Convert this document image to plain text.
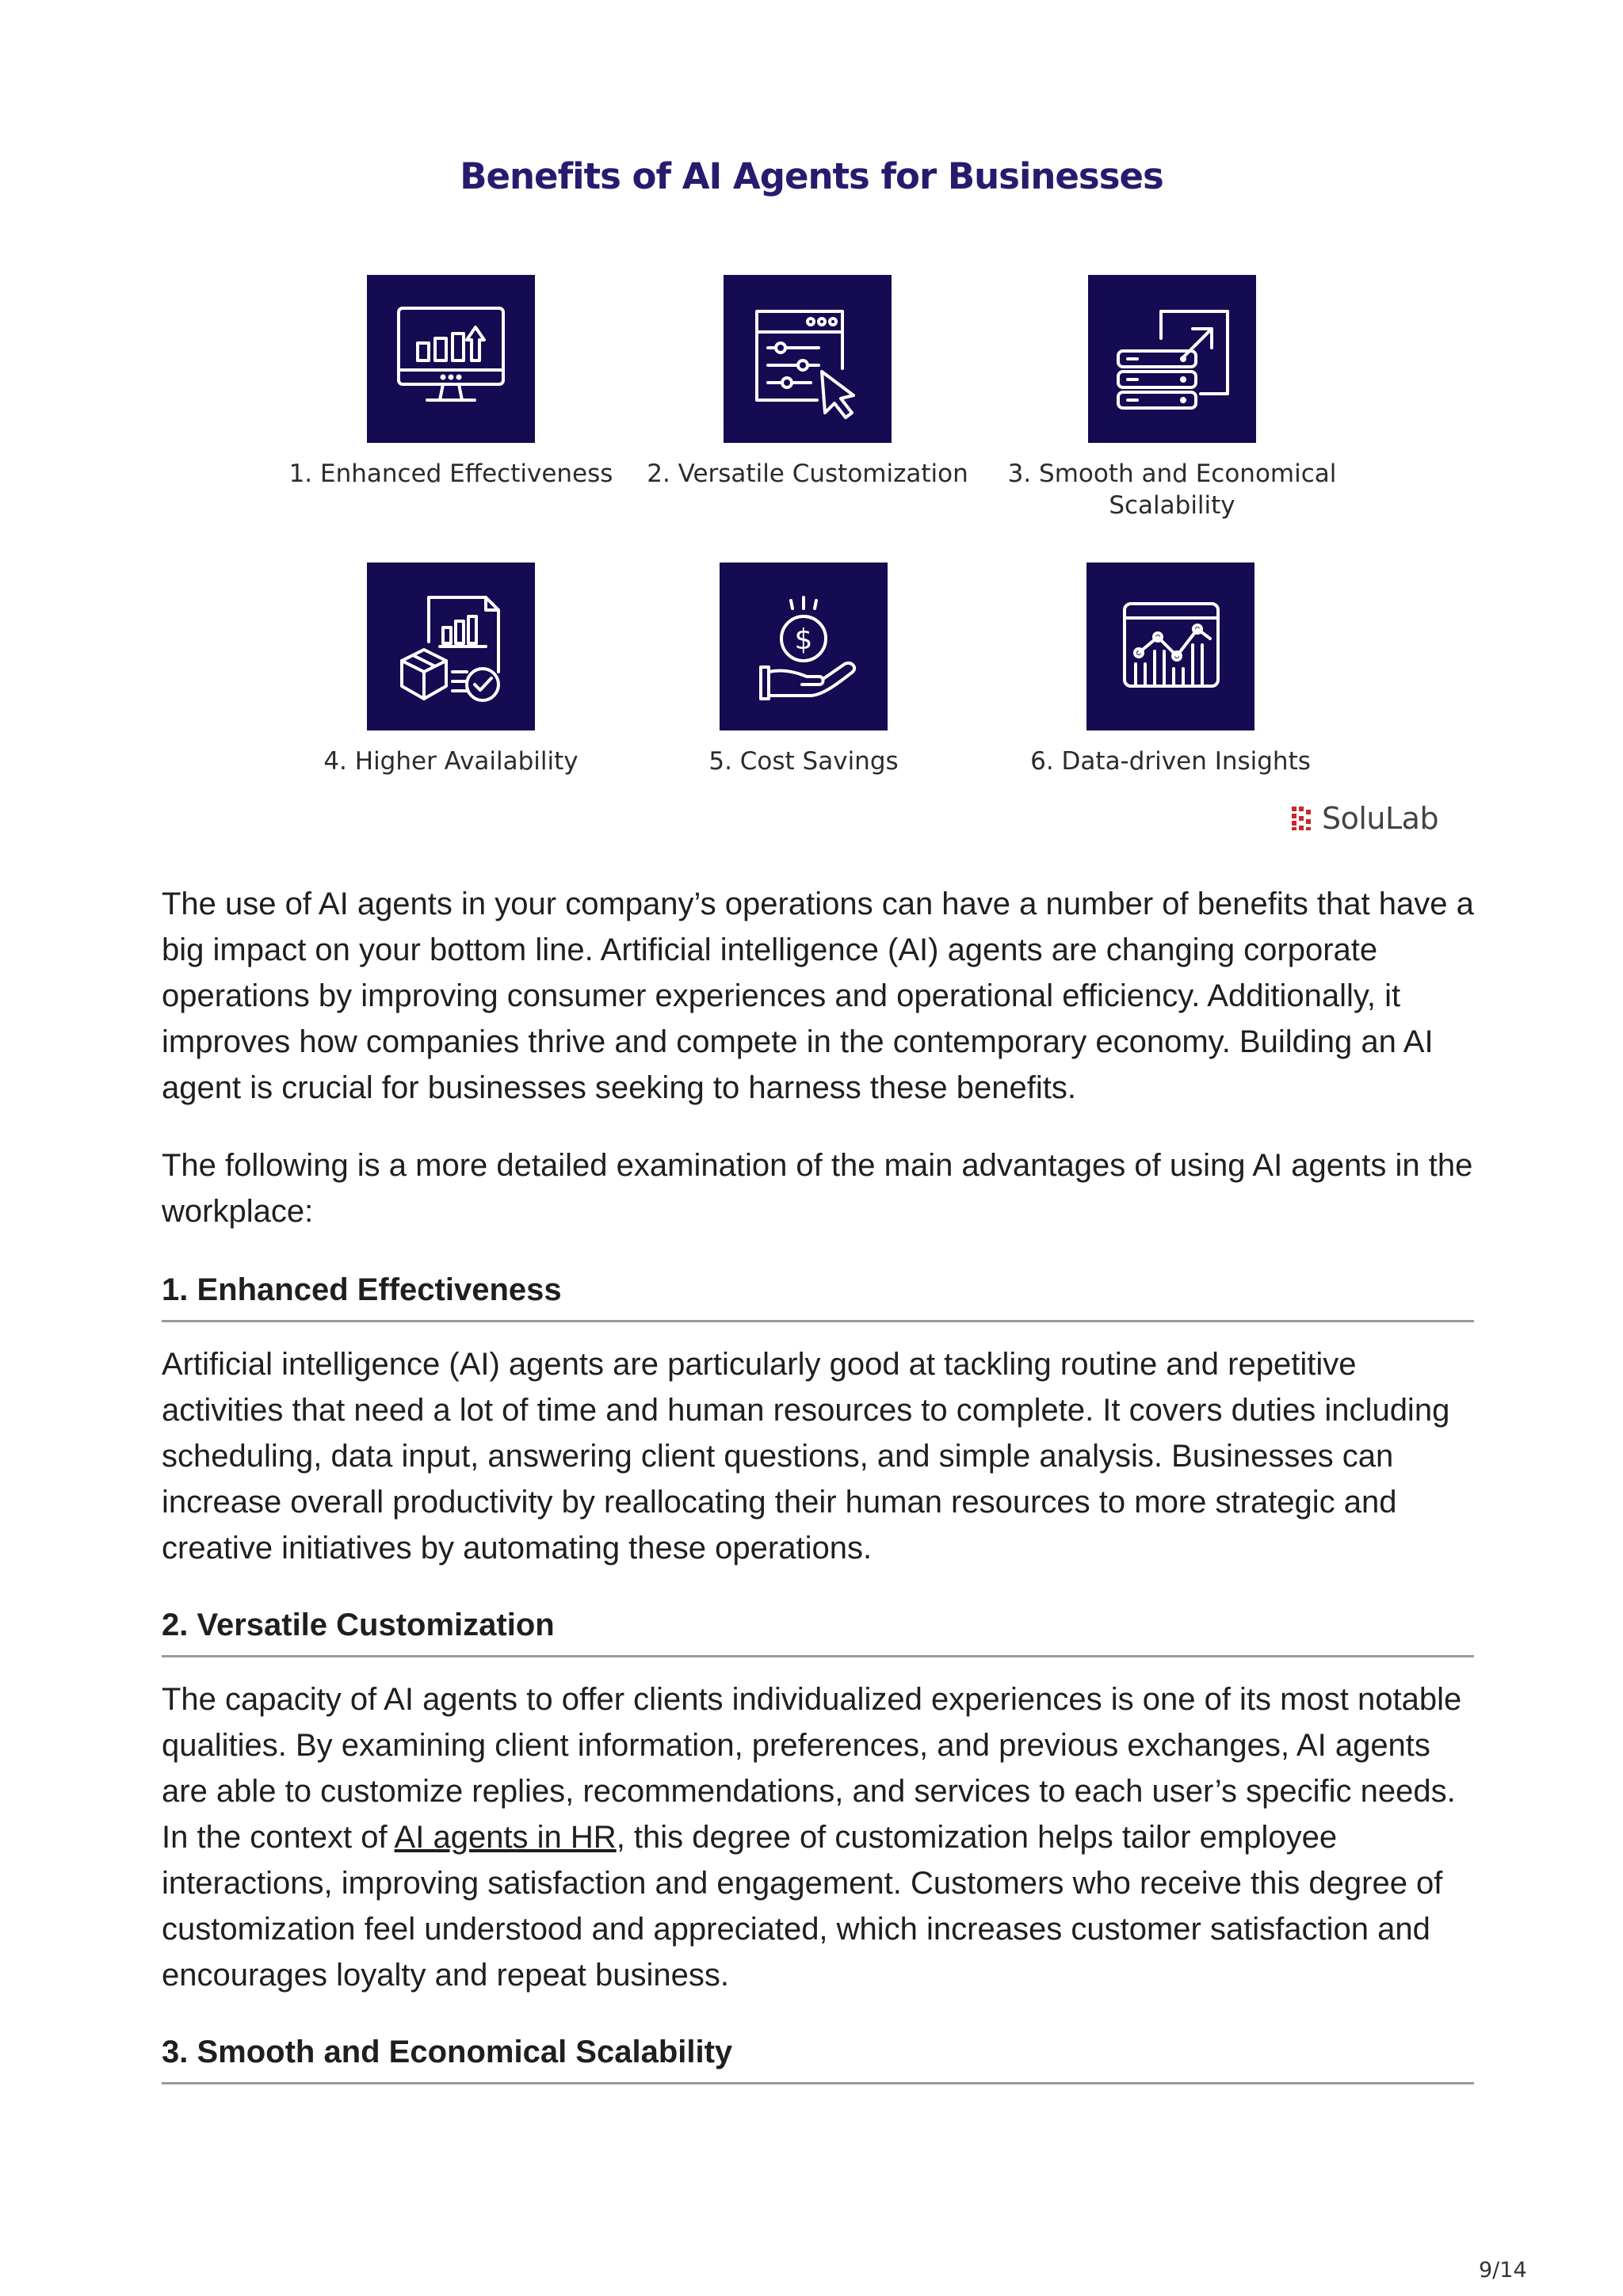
Benefits of AI Agents for Businesses
1. Enhanced Effectiveness	2. Versatile Customization	3. Smooth and Economical
Scalability
4. Higher Availability
$
5. Cost Savings	6. Data-driven Insights
SoluLab

The use of AI agents in your company’s operations can have a number of benefits that have a big impact on your bottom line. Artificial intelligence (AI) agents are changing corporate operations by improving consumer experiences and operational efficiency. Additionally, it improves how companies thrive and compete in the contemporary economy. Building an AI agent is crucial for businesses seeking to harness these benefits.

The following is a more detailed examination of the main advantages of using AI agents in the workplace:

1. Enhanced Effectiveness

Artificial intelligence (AI) agents are particularly good at tackling routine and repetitive activities that need a lot of time and human resources to complete. It covers duties including scheduling, data input, answering client questions, and simple analysis. Businesses can increase overall productivity by reallocating their human resources to more strategic and creative initiatives by automating these operations.

2. Versatile Customization

The capacity of AI agents to offer clients individualized experiences is one of its most notable qualities. By examining client information, preferences, and previous exchanges, AI agents are able to customize replies, recommendations, and services to each user’s specific needs. In the context of AI agents in HR, this degree of customization helps tailor employee interactions, improving satisfaction and engagement. Customers who receive this degree of customization feel understood and appreciated, which increases customer satisfaction and encourages loyalty and repeat business.

3. Smooth and Economical Scalability
9/14
